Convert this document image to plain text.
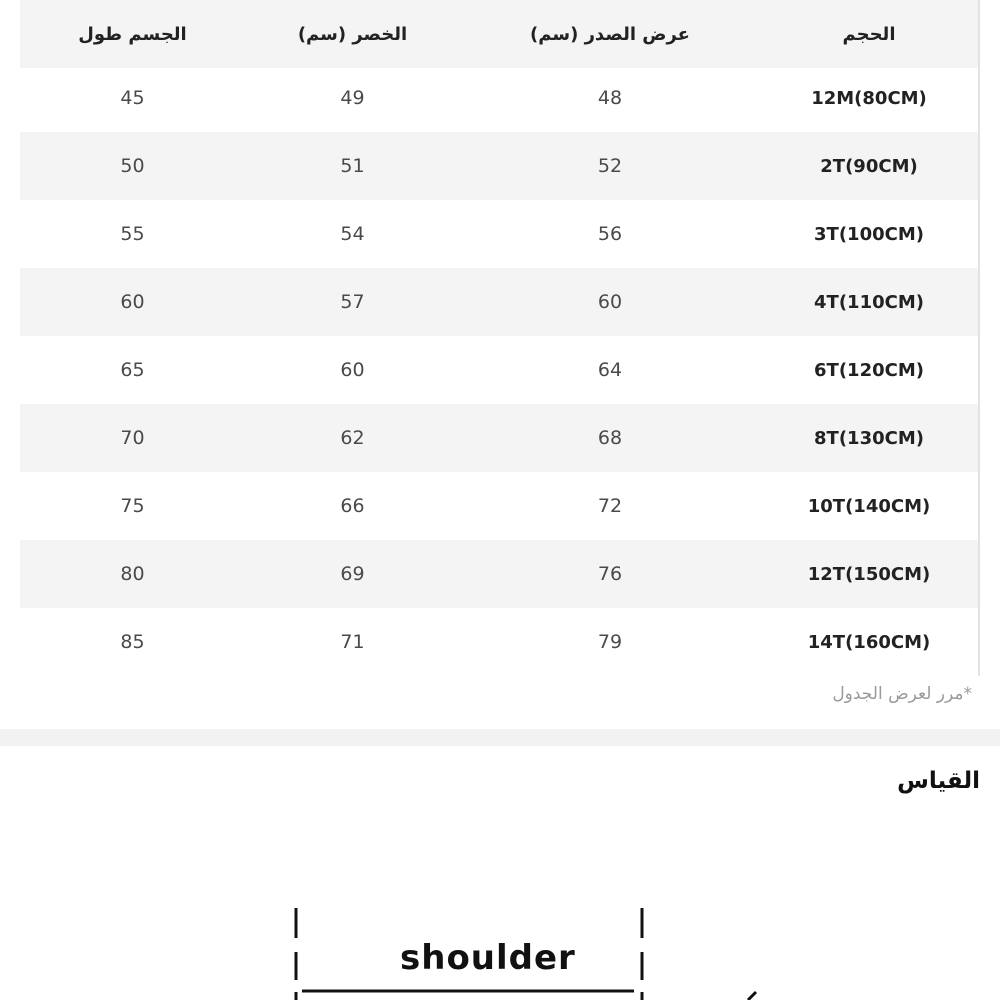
الحجم
عرض الصدر (سم)
الخصر (سم)
الجسم طول
12M(80CM)
48
49
45
2T(90CM)
52
51
50
3T(100CM)
56
54
55
4T(110CM)
60
57
60
6T(120CM)
64
60
65
8T(130CM)
68
62
70
10T(140CM)
72
66
75
12T(150CM)
76
69
80
14T(160CM)
79
71
85
*مرر لعرض الجدول
القياس
shoulder
